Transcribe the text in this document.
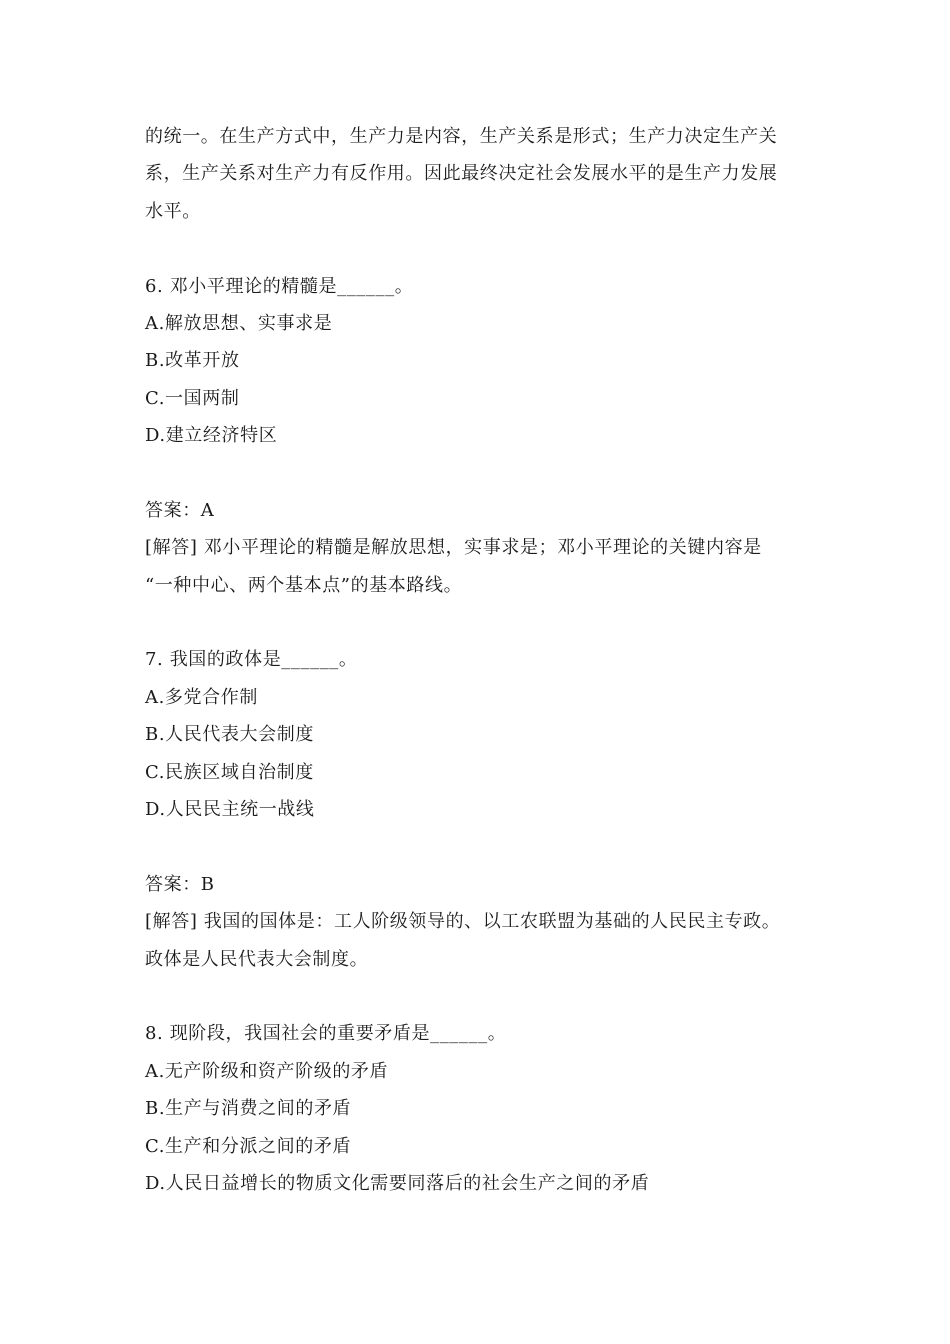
的统一。在生产方式中，生产力是内容，生产关系是形式；生产力决定生产关
系，生产关系对生产力有反作用。因此最终决定社会发展水平的是生产力发展
水平。
6. 邓小平理论的精髓是______。
A.解放思想、实事求是
B.改革开放
C.一国两制
D.建立经济特区
答案：A
[解答] 邓小平理论的精髓是解放思想，实事求是；邓小平理论的关键内容是
“一种中心、两个基本点”的基本路线。
7. 我国的政体是______。
A.多党合作制
B.人民代表大会制度
C.民族区域自治制度
D.人民民主统一战线
答案：B
[解答] 我国的国体是：工人阶级领导的、以工农联盟为基础的人民民主专政。
政体是人民代表大会制度。
8. 现阶段，我国社会的重要矛盾是______。
A.无产阶级和资产阶级的矛盾
B.生产与消费之间的矛盾
C.生产和分派之间的矛盾
D.人民日益增长的物质文化需要同落后的社会生产之间的矛盾
